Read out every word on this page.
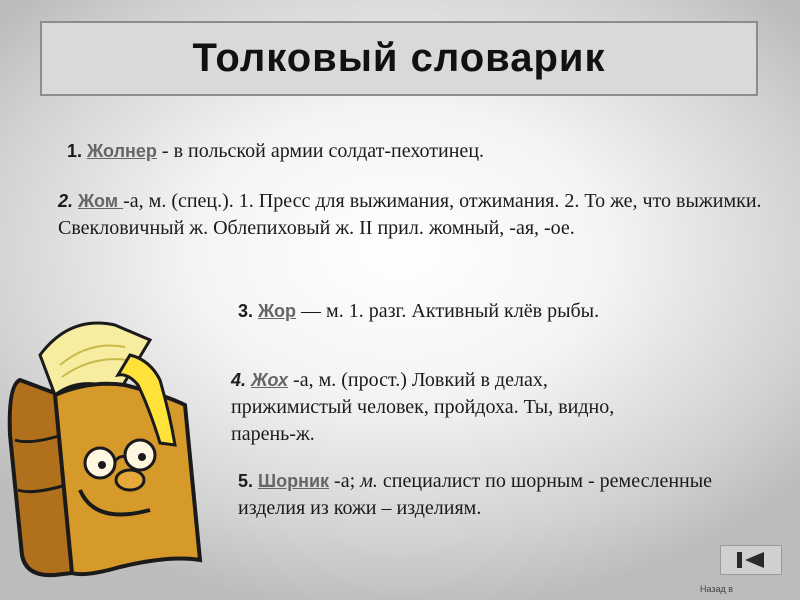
Толковый словарик
1. Жолнер - в польской армии солдат-пехотинец.
2. Жом -а, м. (спец.). 1. Пресс для выжимания, отжимания. 2. То же, что выжимки. Свекловичный ж. Облепиховый ж. II прил. жомный, -ая, -ое.
3. Жор — м. 1. разг. Активный клёв рыбы.
4. Жох -а, м. (прост.) Ловкий в делах, прижимистый человек, пройдоха. Ты, видно, парень-ж.
5. Шорник -а; м. специалист по шорным - ремесленные изделия из кожи – изделиям.
Назад в
